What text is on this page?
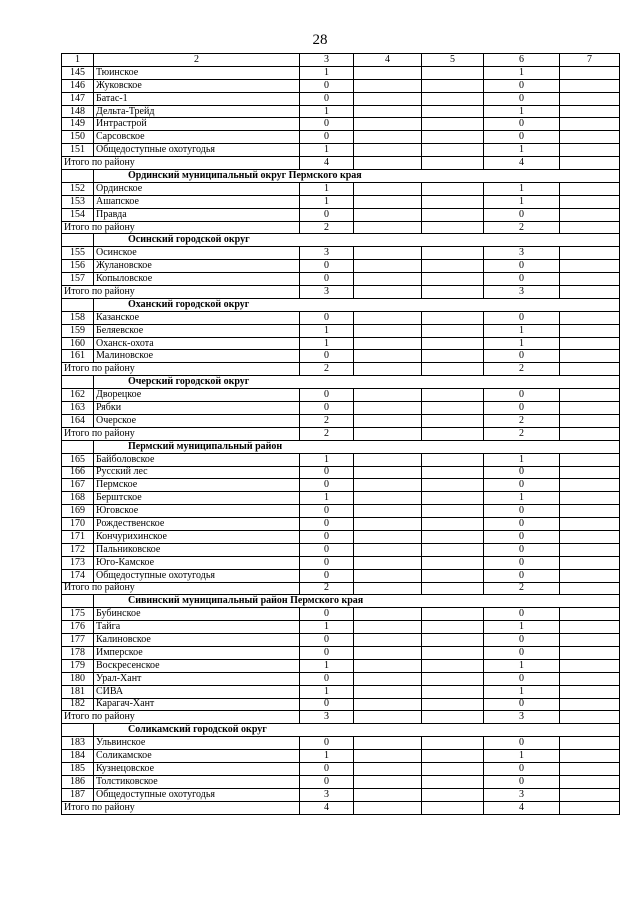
28
1	2	3	4	5	6	7
145	Тюинское	1			1	
146	Жуковское	0			0	
147	Батас-1	0			0	
148	Дельта-Трейд	1			1	
149	Интрастрой	0			0	
150	Сарсовское	0			0	
151	Общедоступные охотугодья	1			1	
Итого по району		4			4	
	Ординский муниципальный округ Пермского края					
152	Ординское	1			1	
153	Ашапское	1			1	
154	Правда	0			0	
Итого по району		2			2	
	Осинский городской округ					
155	Осинское	3			3	
156	Жулановское	0			0	
157	Копыловское	0			0	
Итого по району		3			3	
	Оханский городской округ					
158	Казанское	0			0	
159	Беляевское	1			1	
160	Оханск-охота	1			1	
161	Малиновское	0			0	
Итого по району		2			2	
	Очерский городской округ					
162	Дворецкое	0			0	
163	Рябки	0			0	
164	Очерское	2			2	
Итого по району		2			2	
	Пермский муниципальный район					
165	Байболовское	1			1	
166	Русский лес	0			0	
167	Пермское	0			0	
168	Берштское	1			1	
169	Юговское	0			0	
170	Рождественское	0			0	
171	Кончурихинское	0			0	
172	Пальниковское	0			0	
173	Юго-Камское	0			0	
174	Общедоступные охотугодья	0			0	
Итого по району		2			2	
	Сивинский муниципальный район Пермского края					
175	Бубинское	0			0	
176	Тайга	1			1	
177	Калиновское	0			0	
178	Имперское	0			0	
179	Воскресенское	1			1	
180	Урал-Хант	0			0	
181	СИВА	1			1	
182	Карагач-Хант	0			0	
Итого по району		3			3	
	Соликамский городской округ					
183	Ульвинское	0			0	
184	Соликамское	1			1	
185	Кузнецовское	0			0	
186	Толстиковское	0			0	
187	Общедоступные охотугодья	3			3	
Итого по району		4			4	
